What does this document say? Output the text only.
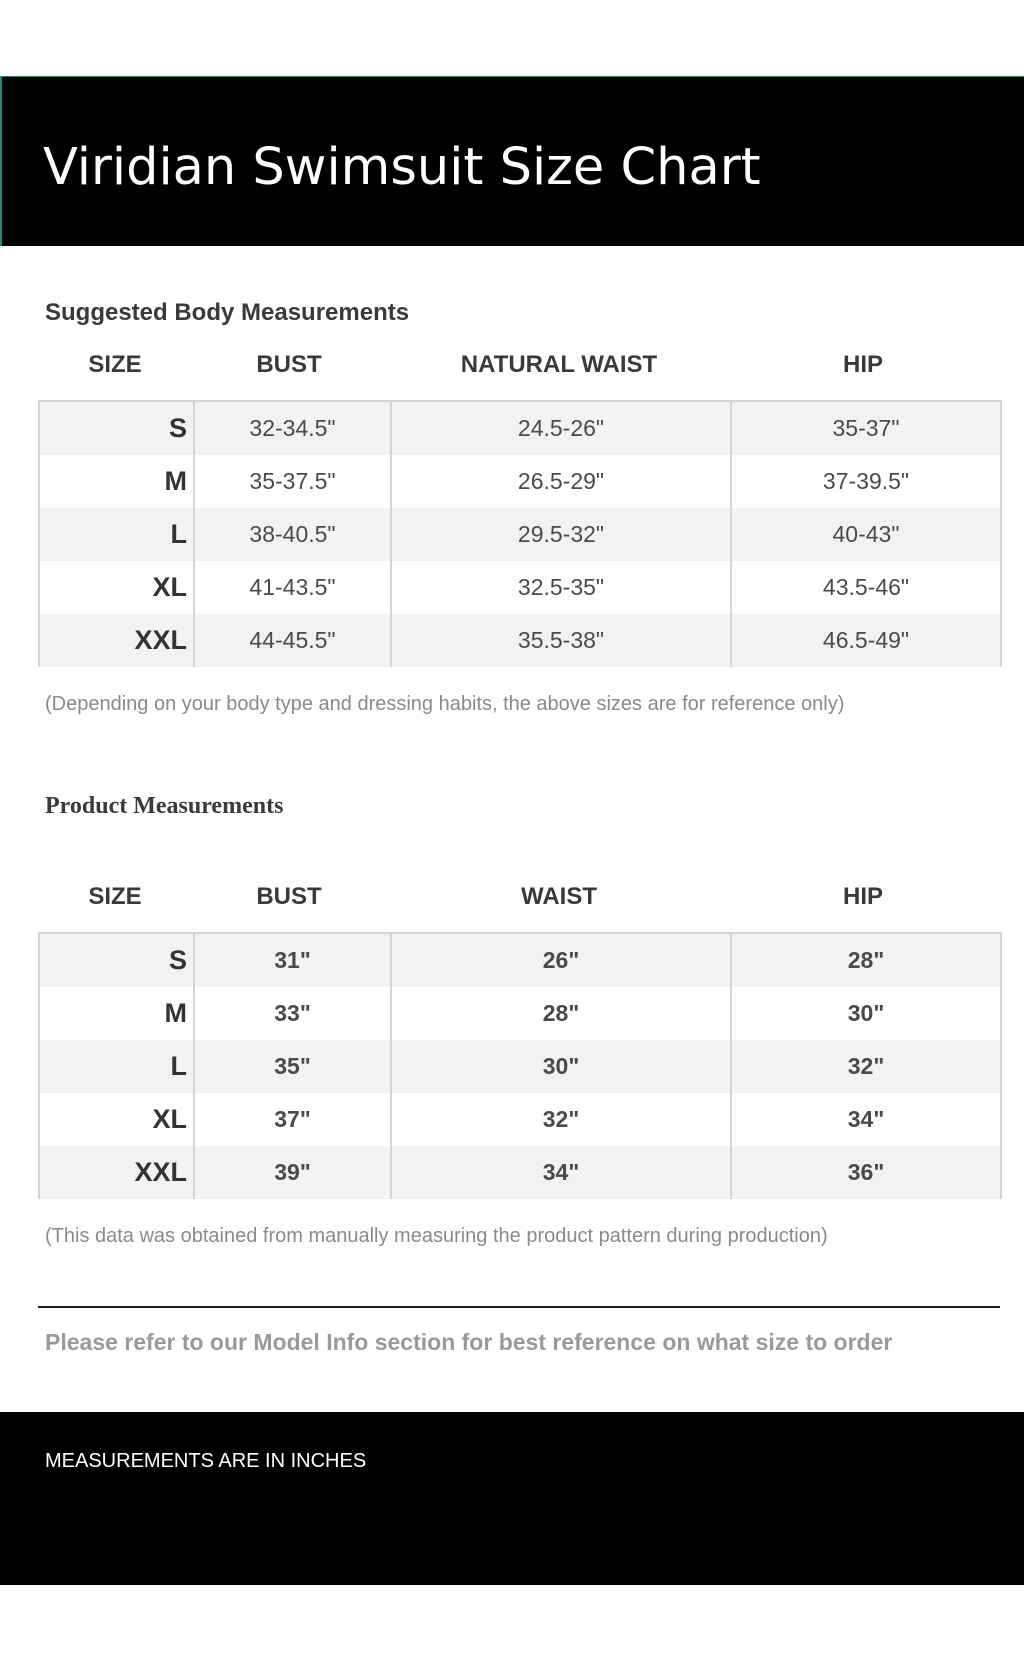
Viridian Swimsuit Size Chart
Suggested Body Measurements
SIZE	BUST	NATURAL WAIST	HIP
S	32-34.5"	24.5-26"	35-37"
M	35-37.5"	26.5-29"	37-39.5"
L	38-40.5"	29.5-32"	40-43"
XL	41-43.5"	32.5-35"	43.5-46"
XXL	44-45.5"	35.5-38"	46.5-49"

(Depending on your body type and dressing habits, the above sizes are for reference only)

Product Measurements
SIZE	BUST	WAIST	HIP
S	31"	26"	28"
M	33"	28"	30"
L	35"	30"	32"
XL	37"	32"	34"
XXL	39"	34"	36"

(This data was obtained from manually measuring the product pattern during production)

Please refer to our Model Info section for best reference on what size to order

MEASUREMENTS ARE IN INCHES
